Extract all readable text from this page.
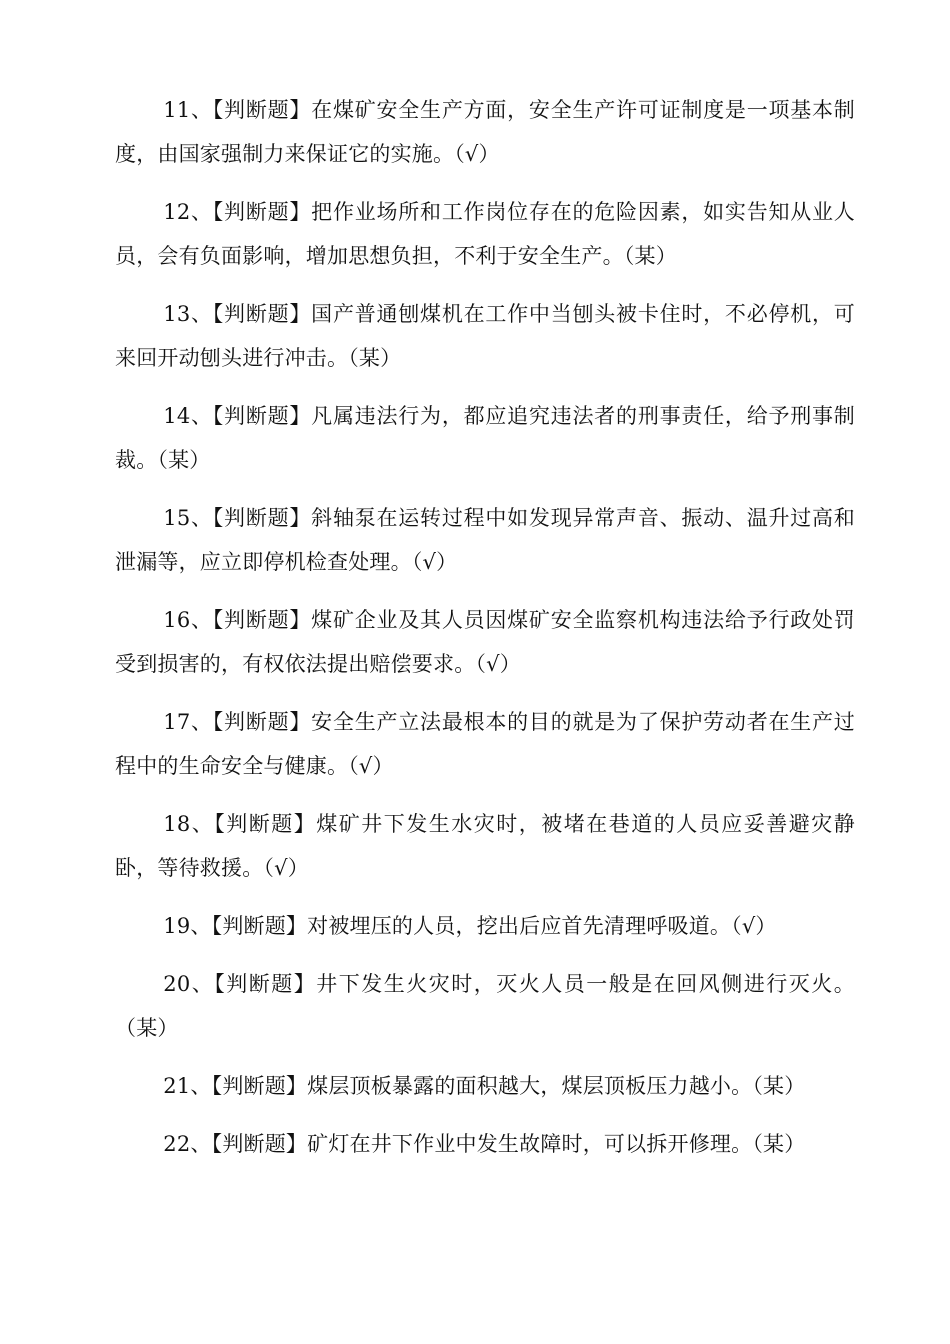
11、【判断题】在煤矿安全生产方面，安全生产许可证制度是一项基本制度，由国家强制力来保证它的实施。（√）

12、【判断题】把作业场所和工作岗位存在的危险因素，如实告知从业人员，会有负面影响，增加思想负担，不利于安全生产。（某）

13、【判断题】国产普通刨煤机在工作中当刨头被卡住时，不必停机，可来回开动刨头进行冲击。（某）

14、【判断题】凡属违法行为，都应追究违法者的刑事责任，给予刑事制裁。（某）

15、【判断题】斜轴泵在运转过程中如发现异常声音、振动、温升过高和泄漏等，应立即停机检查处理。（√）

16、【判断题】煤矿企业及其人员因煤矿安全监察机构违法给予行政处罚受到损害的，有权依法提出赔偿要求。（√）

17、【判断题】安全生产立法最根本的目的就是为了保护劳动者在生产过程中的生命安全与健康。（√）

18、【判断题】煤矿井下发生水灾时，被堵在巷道的人员应妥善避灾静卧，等待救援。（√）

19、【判断题】对被埋压的人员，挖出后应首先清理呼吸道。（√）

20、【判断题】井下发生火灾时，灭火人员一般是在回风侧进行灭火。（某）

21、【判断题】煤层顶板暴露的面积越大，煤层顶板压力越小。（某）

22、【判断题】矿灯在井下作业中发生故障时，可以拆开修理。（某）
